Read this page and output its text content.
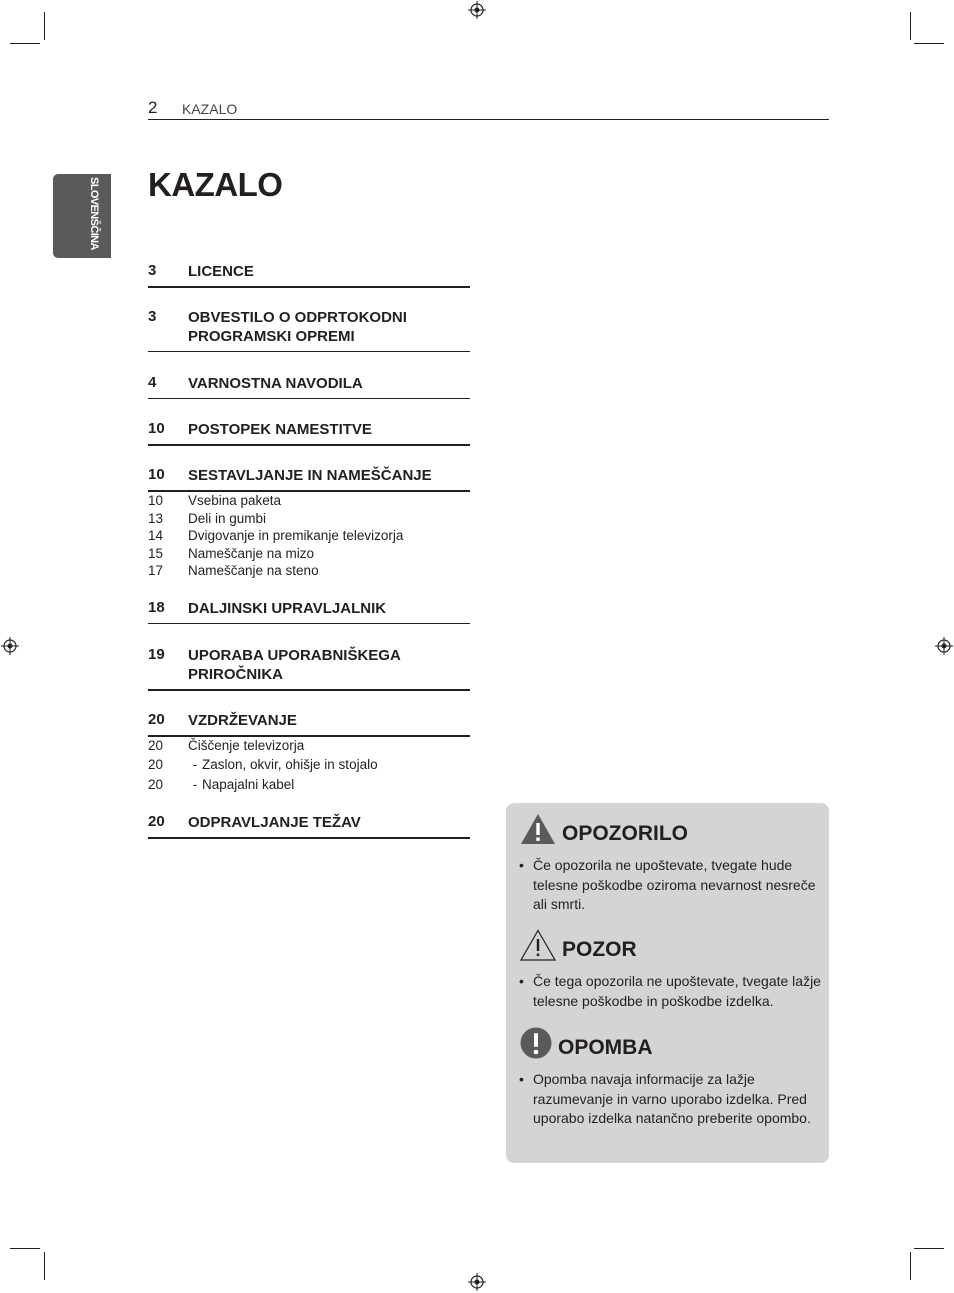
2 KAZALO
SLOVENŠČINA KAZALO
3 LICENCE
3 OBVESTILO O ODPRTOKODNI PROGRAMSKI OPREMI
4 VARNOSTNA NAVODILA
10 POSTOPEK NAMESTITVE
10 SESTAVLJANJE IN NAMEŠČANJE
10 Vsebina paketa
13 Deli in gumbi
14 Dvigovanje in premikanje televizorja
15 Nameščanje na mizo
17 Nameščanje na steno
18 DALJINSKI UPRAVLJALNIK
19 UPORABA UPORABNIŠKEGA PRIROČNIKA
20 VZDRŽEVANJE
20 Čiščenje televizorja
20	- Zaslon, okvir, ohišje in stojalo
20	- Napajalni kabel
20 ODPRAVLJANJE TEŽAV	OPOZORILO
• Če opozorila ne upoštevate, tvegate hude telesne poškodbe oziroma nevarnost nesreče ali smrti.
POZOR
• Če tega opozorila ne upoštevate, tvegate lažje telesne poškodbe in poškodbe izdelka.
OPOMBA
• Opomba navaja informacije za lažje razumevanje in varno uporabo izdelka. Pred uporabo izdelka natančno preberite opombo.
